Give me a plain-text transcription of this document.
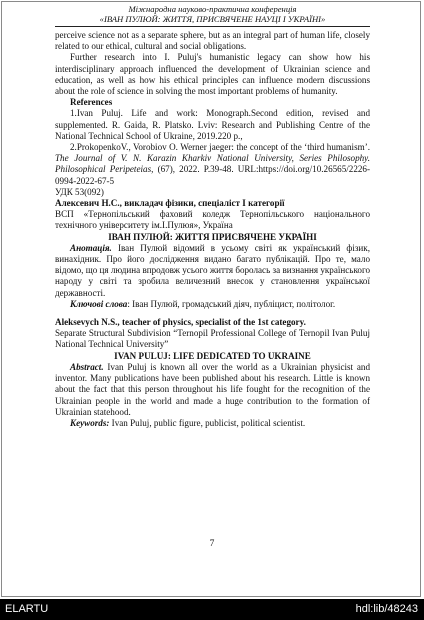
Міжнародна науково-практична конференція
«ІВАН ПУЛЮЙ: ЖИТТЯ, ПРИСВЯЧЕНЕ НАУЦІ І УКРАЇНІ»

perceive science not as a separate sphere, but as an integral part of human life, closely related to our ethical, cultural and social obligations.

Further research into I. Puluj's humanistic legacy can show how his interdisciplinary approach influenced the development of Ukrainian science and education, as well as how his ethical principles can influence modern discussions about the role of science in solving the most important problems of humanity.

References

1.Ivan Puluj. Life and work: Monograph.Second edition, revised and supplemented. R. Gaida, R. Platsko. Lviv: Research and Publishing Centre of the National Technical School of Ukraine, 2019.220 p.,

2.ProkopenkoV., Vorobiov O. Werner jaeger: the concept of the ‘third humanism’. The Journal of V. N. Karazin Kharkiv National University, Series Philosophy. Philosophical Peripeteias, (67), 2022. P.39-48. URL:https://doi.org/10.26565/2226-0994-2022-67-5

УДК 53(092)

Алексевич Н.С., викладач фізики, спеціаліст І категорії

ВСП «Тернопільський фаховий коледж Тернопільського національного технічного університету ім.І.Пулюя», Україна

ІВАН ПУЛЮЙ: ЖИТТЯ ПРИСВЯЧЕНЕ УКРАЇНІ

Анотація. Іван Пулюй відомий в усьому світі як український фізик, винахідник. Про його дослідження видано багато публікацій. Про те, мало відомо, що ця людина впродовж усього життя боролась за визнання українського народу у світі та зробила величезний внесок у становлення української державності.

Ключові слова: Іван Пулюй, громадський діяч, публіцист, політолог.

Aleksevych N.S., teacher of physics, specialist of the 1st category.

Separate Structural Subdivision “Ternopil Professional College of Ternopil Ivan Puluj National Technical University”

IVAN PULUJ: LIFE DEDICATED TO UKRAINE

Abstract. Ivan Puluj is known all over the world as a Ukrainian physicist and inventor. Many publications have been published about his research. Little is known about the fact that this person throughout his life fought for the recognition of the Ukrainian people in the world and made a huge contribution to the formation of Ukrainian statehood.

Keywords: Ivan Puluj, public figure, publicist, political scientist.

7
ELARTU	hdl:lib/48243
